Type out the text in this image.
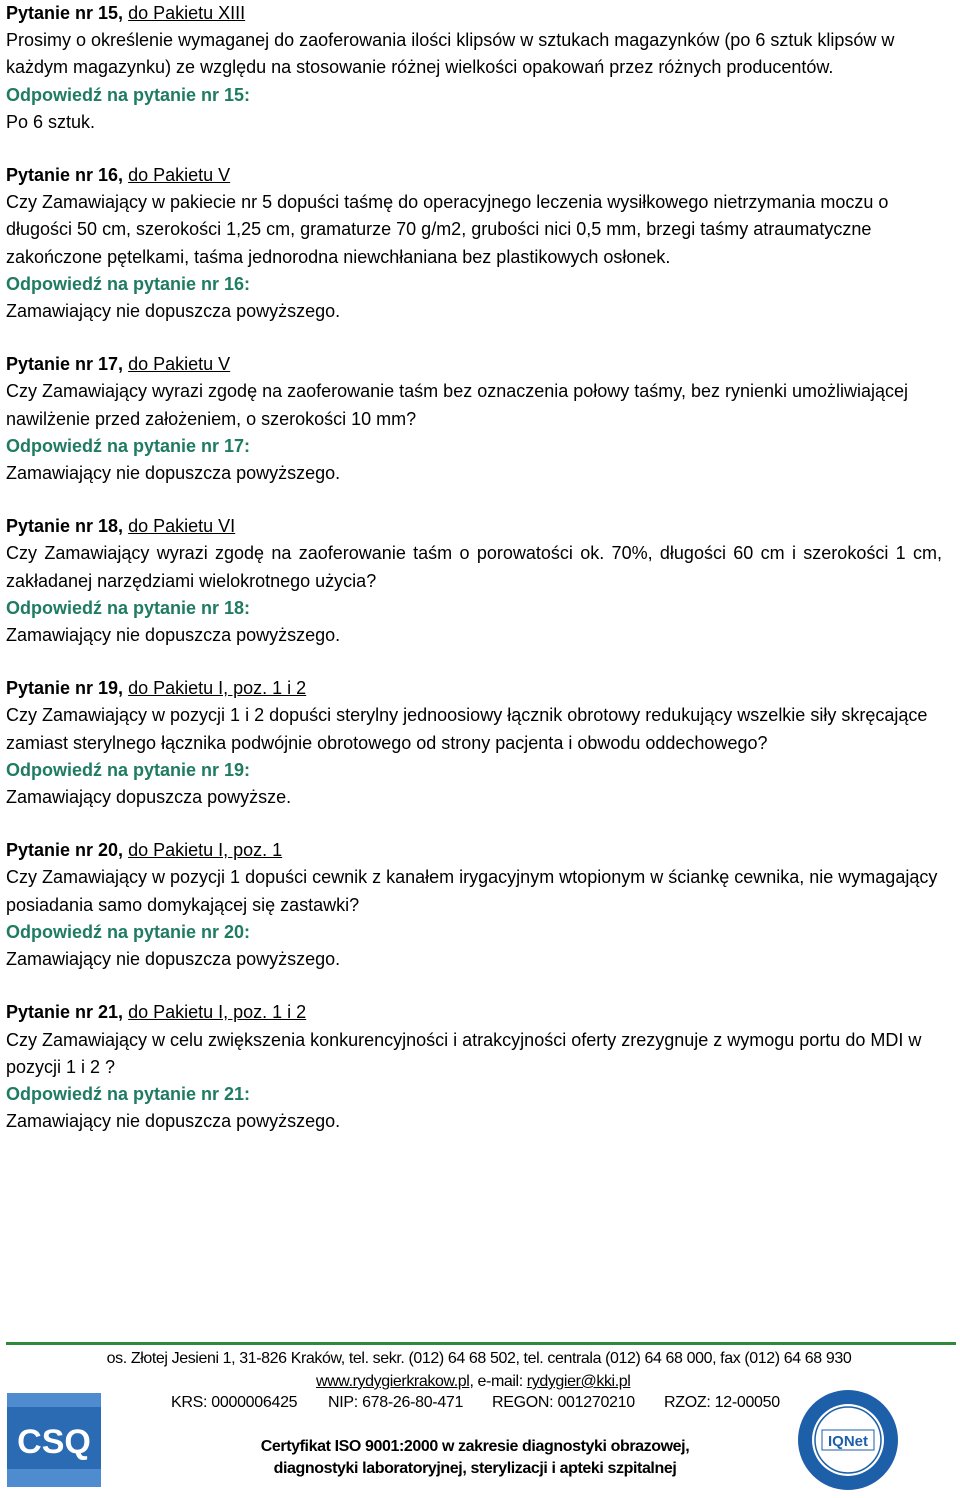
Pytanie nr 15, do Pakietu XIII

Prosimy o określenie wymaganej do zaoferowania ilości klipsów w sztukach magazynków (po 6 sztuk klipsów w każdym magazynku) ze względu na stosowanie różnej wielkości opakowań przez różnych producentów.

Odpowiedź na pytanie nr 15:

Po 6 sztuk.

Pytanie nr 16, do Pakietu V

Czy Zamawiający w pakiecie nr 5 dopuści taśmę do operacyjnego leczenia wysiłkowego nietrzymania moczu o długości 50 cm, szerokości 1,25 cm, gramaturze 70 g/m2, grubości nici 0,5 mm, brzegi taśmy atraumatyczne zakończone pętelkami, taśma jednorodna niewchłaniana bez plastikowych osłonek.

Odpowiedź na pytanie nr 16:

Zamawiający nie dopuszcza powyższego.

Pytanie nr 17, do Pakietu V

Czy Zamawiający wyrazi zgodę na zaoferowanie taśm bez oznaczenia połowy taśmy, bez rynienki umożliwiającej nawilżenie przed założeniem, o szerokości 10 mm?

Odpowiedź na pytanie nr 17:

Zamawiający nie dopuszcza powyższego.

Pytanie nr 18, do Pakietu VI

Czy Zamawiający wyrazi zgodę na zaoferowanie taśm o porowatości ok. 70%, długości 60 cm i szerokości 1 cm, zakładanej narzędziami wielokrotnego użycia?

Odpowiedź na pytanie nr 18:

Zamawiający nie dopuszcza powyższego.

Pytanie nr 19, do Pakietu I, poz. 1 i 2

Czy Zamawiający w pozycji 1 i 2 dopuści sterylny jednoosiowy łącznik obrotowy redukujący wszelkie siły skręcające zamiast sterylnego łącznika podwójnie obrotowego od strony pacjenta i obwodu oddechowego?

Odpowiedź na pytanie nr 19:

Zamawiający dopuszcza powyższe.

Pytanie nr 20, do Pakietu I, poz. 1

Czy Zamawiający w pozycji 1 dopuści cewnik z kanałem irygacyjnym wtopionym w ściankę cewnika, nie wymagający posiadania samo domykającej się zastawki?

Odpowiedź na pytanie nr 20:

Zamawiający nie dopuszcza powyższego.

Pytanie nr 21, do Pakietu I, poz. 1 i 2

Czy Zamawiający w celu zwiększenia konkurencyjności i atrakcyjności oferty zrezygnuje z wymogu portu do MDI w pozycji 1 i 2 ?

Odpowiedź na pytanie nr 21:

Zamawiający nie dopuszcza powyższego.

os. Złotej Jesieni 1, 31-826 Kraków, tel. sekr. (012) 64 68 502, tel. centrala (012) 64 68 000, fax (012) 64 68 930
www.rydygierkrakow.pl, e-mail: rydygier@kki.pl
KRS: 0000006425 NIP: 678-26-80-471 REGON: 001270210 RZOZ: 12-00050
Certyfikat ISO 9001:2000 w zakresie diagnostyki obrazowej,
diagnostyki laboratoryjnej, sterylizacji i apteki szpitalnej
CSQ	IQNet
